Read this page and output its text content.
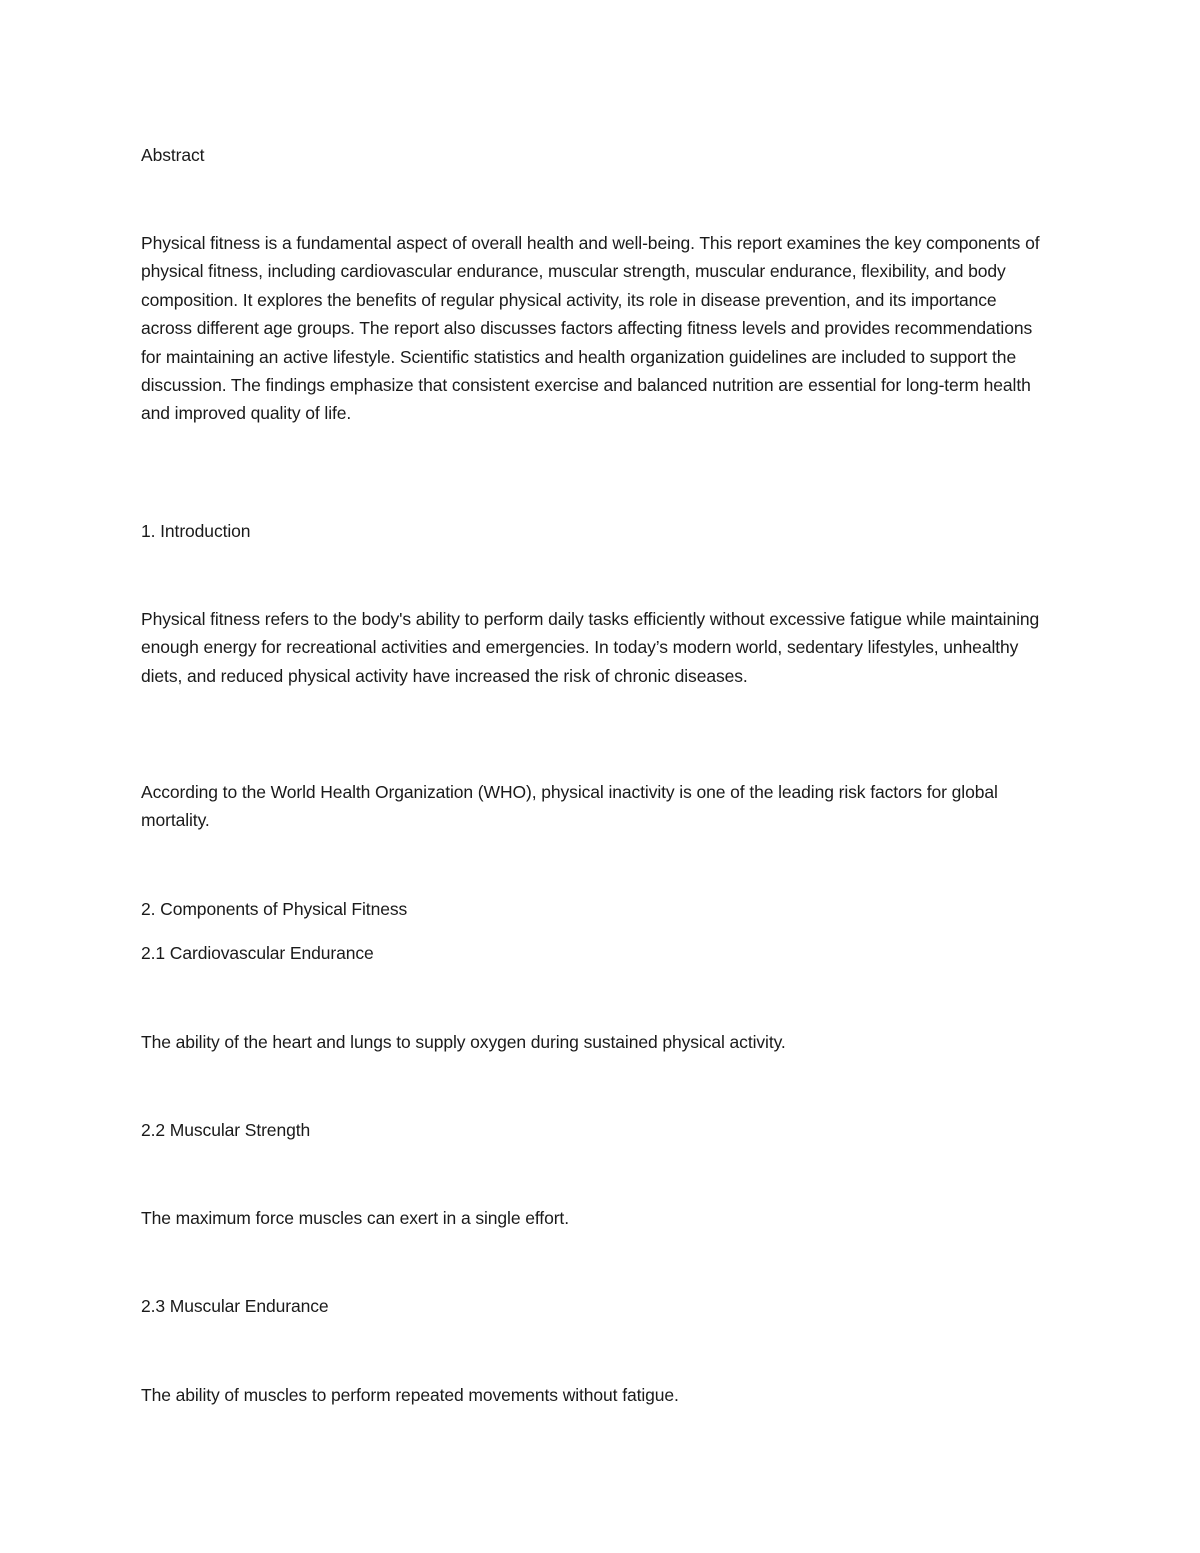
Abstract

Physical fitness is a fundamental aspect of overall health and well-being. This report examines the key components of physical fitness, including cardiovascular endurance, muscular strength, muscular endurance, flexibility, and body composition. It explores the benefits of regular physical activity, its role in disease prevention, and its importance across different age groups. The report also discusses factors affecting fitness levels and provides recommendations for maintaining an active lifestyle. Scientific statistics and health organization guidelines are included to support the discussion. The findings emphasize that consistent exercise and balanced nutrition are essential for long-term health and improved quality of life.

1. Introduction

Physical fitness refers to the body's ability to perform daily tasks efficiently without excessive fatigue while maintaining enough energy for recreational activities and emergencies. In today’s modern world, sedentary lifestyles, unhealthy diets, and reduced physical activity have increased the risk of chronic diseases.

According to the World Health Organization (WHO), physical inactivity is one of the leading risk factors for global mortality.

2. Components of Physical Fitness

2.1 Cardiovascular Endurance

The ability of the heart and lungs to supply oxygen during sustained physical activity.

2.2 Muscular Strength

The maximum force muscles can exert in a single effort.

2.3 Muscular Endurance

The ability of muscles to perform repeated movements without fatigue.
